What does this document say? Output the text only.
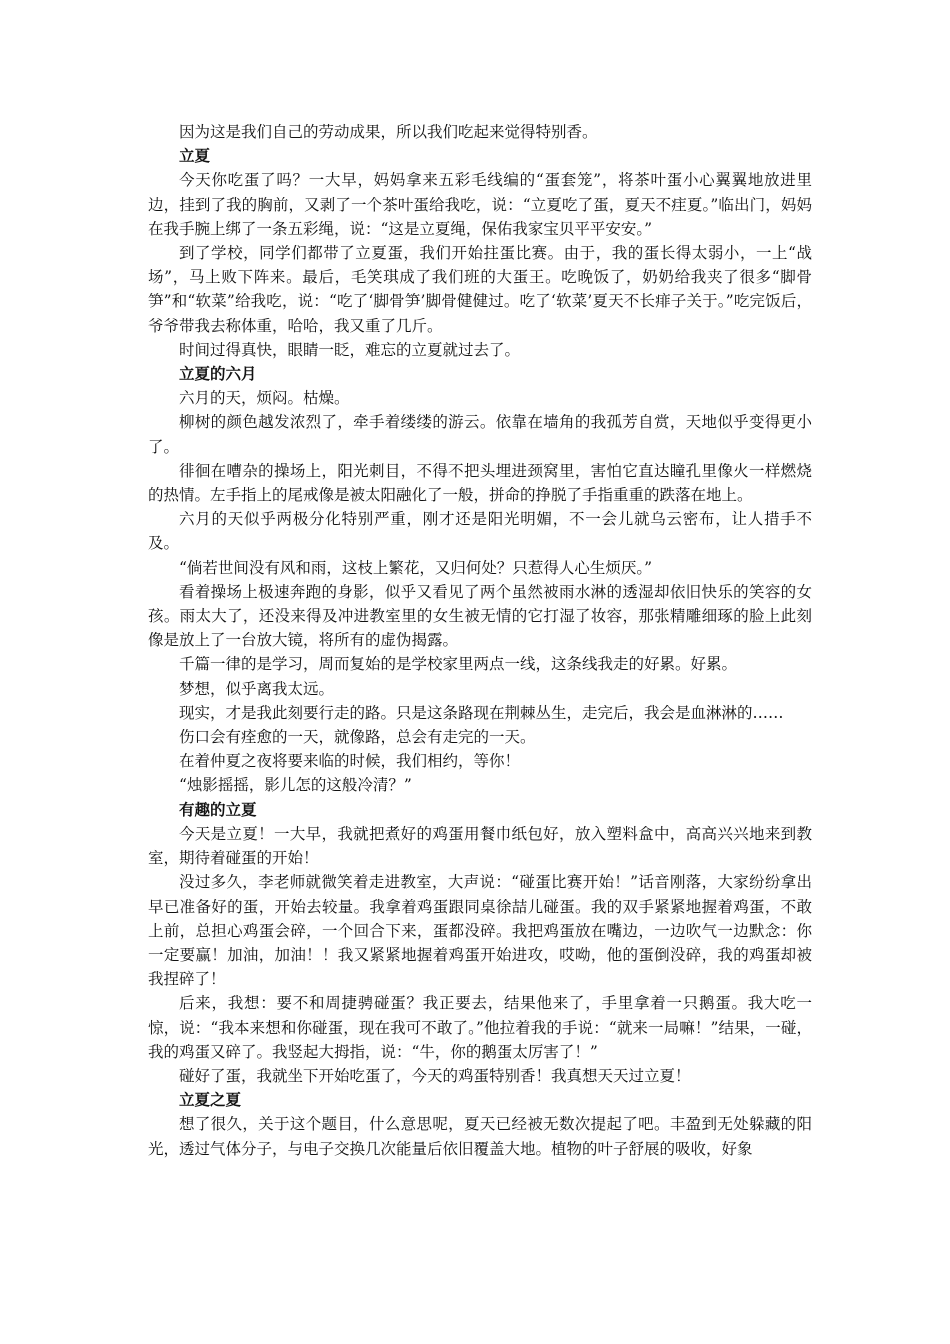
因为这是我们自己的劳动成果，所以我们吃起来觉得特别香。

立夏

今天你吃蛋了吗？一大早，妈妈拿来五彩毛线编的“蛋套笼”，将茶叶蛋小心翼翼地放进里边，挂到了我的胸前，又剥了一个茶叶蛋给我吃，说：“立夏吃了蛋，夏天不疰夏。”临出门，妈妈在我手腕上绑了一条五彩绳，说：“这是立夏绳，保佑我家宝贝平平安安。”

到了学校，同学们都带了立夏蛋，我们开始拄蛋比赛。由于，我的蛋长得太弱小，一上“战场”，马上败下阵来。最后，毛笑琪成了我们班的大蛋王。吃晚饭了，奶奶给我夹了很多“脚骨笋”和“软菜”给我吃，说：“吃了‘脚骨笋’脚骨健健过。吃了‘软菜’夏天不长痱子关于。”吃完饭后，爷爷带我去称体重，哈哈，我又重了几斤。

时间过得真快，眼睛一眨，难忘的立夏就过去了。

立夏的六月

六月的天，烦闷。枯燥。

柳树的颜色越发浓烈了，牵手着缕缕的游云。依靠在墙角的我孤芳自赏，天地似乎变得更小了。

徘徊在嘈杂的操场上，阳光刺目，不得不把头埋进颈窝里，害怕它直达瞳孔里像火一样燃烧的热情。左手指上的尾戒像是被太阳融化了一般，拼命的挣脱了手指重重的跌落在地上。

六月的天似乎两极分化特别严重，刚才还是阳光明媚，不一会儿就乌云密布，让人措手不及。

“倘若世间没有风和雨，这枝上繁花，又归何处？只惹得人心生烦厌。”

看着操场上极速奔跑的身影，似乎又看见了两个虽然被雨水淋的透湿却依旧快乐的笑容的女孩。雨太大了，还没来得及冲进教室里的女生被无情的它打湿了妆容，那张精雕细琢的脸上此刻像是放上了一台放大镜，将所有的虚伪揭露。

千篇一律的是学习，周而复始的是学校家里两点一线，这条线我走的好累。好累。

梦想，似乎离我太远。

现实，才是我此刻要行走的路。只是这条路现在荆棘丛生，走完后，我会是血淋淋的……

伤口会有痊愈的一天，就像路，总会有走完的一天。

在着仲夏之夜将要来临的时候，我们相约，等你！

“烛影摇摇，影儿怎的这般冷清？”

有趣的立夏

今天是立夏！一大早，我就把煮好的鸡蛋用餐巾纸包好，放入塑料盒中，高高兴兴地来到教室，期待着碰蛋的开始！

没过多久，李老师就微笑着走进教室，大声说：“碰蛋比赛开始！”话音刚落，大家纷纷拿出早已准备好的蛋，开始去较量。我拿着鸡蛋跟同桌徐喆儿碰蛋。我的双手紧紧地握着鸡蛋，不敢上前，总担心鸡蛋会碎，一个回合下来，蛋都没碎。我把鸡蛋放在嘴边，一边吹气一边默念：你一定要赢！加油，加油！！我又紧紧地握着鸡蛋开始进攻，哎呦，他的蛋倒没碎，我的鸡蛋却被我捏碎了！

后来，我想：要不和周捷骋碰蛋？我正要去，结果他来了，手里拿着一只鹅蛋。我大吃一惊，说：“我本来想和你碰蛋，现在我可不敢了。”他拉着我的手说：“就来一局嘛！”结果，一碰，我的鸡蛋又碎了。我竖起大拇指，说：“牛，你的鹅蛋太厉害了！”

碰好了蛋，我就坐下开始吃蛋了，今天的鸡蛋特别香！我真想天天过立夏！

立夏之夏

想了很久，关于这个题目，什么意思呢，夏天已经被无数次提起了吧。丰盈到无处躲藏的阳光，透过气体分子，与电子交换几次能量后依旧覆盖大地。植物的叶子舒展的吸收，好象
